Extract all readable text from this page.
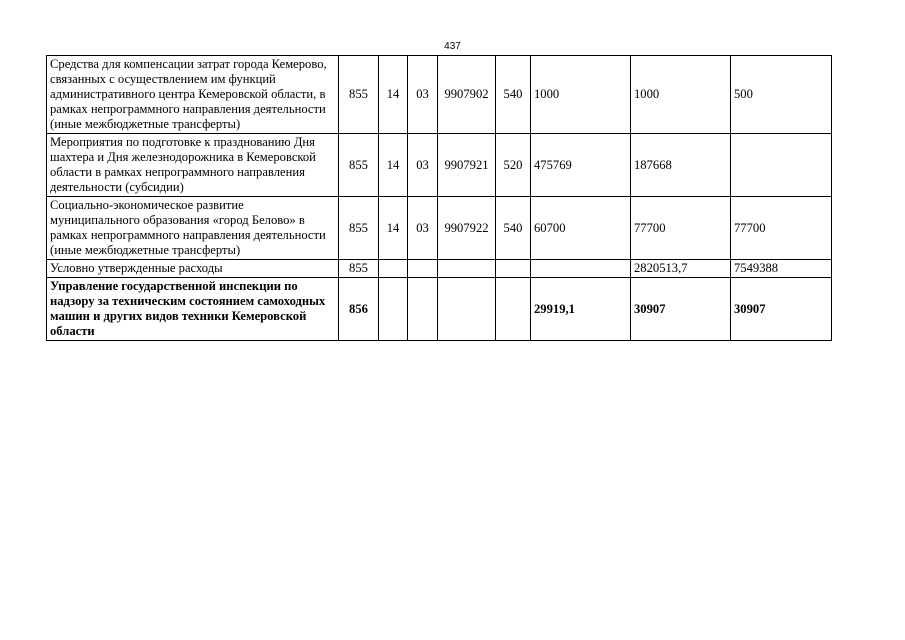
437
Средства для компенсации затрат города Кемерово, связанных с осуществлением им функций административного центра Кемеровской области, в рамках непрограммного направления деятельности (иные межбюджетные трансферты)	855	14	03	9907902	540	1000	1000	500
Мероприятия по подготовке к празднованию Дня шахтера и Дня железнодорожника в Кемеровской области в рамках непрограммного направления деятельности (субсидии)	855	14	03	9907921	520	475769	187668	
Социально-экономическое развитие муниципального образования «город Белово» в рамках непрограммного направления деятельности (иные межбюджетные трансферты)	855	14	03	9907922	540	60700	77700	77700
Условно утвержденные расходы	855						2820513,7	7549388
Управление государственной инспекции по надзору за техническим состоянием самоходных машин и других видов техники Кемеровской области	856					29919,1	30907	30907
